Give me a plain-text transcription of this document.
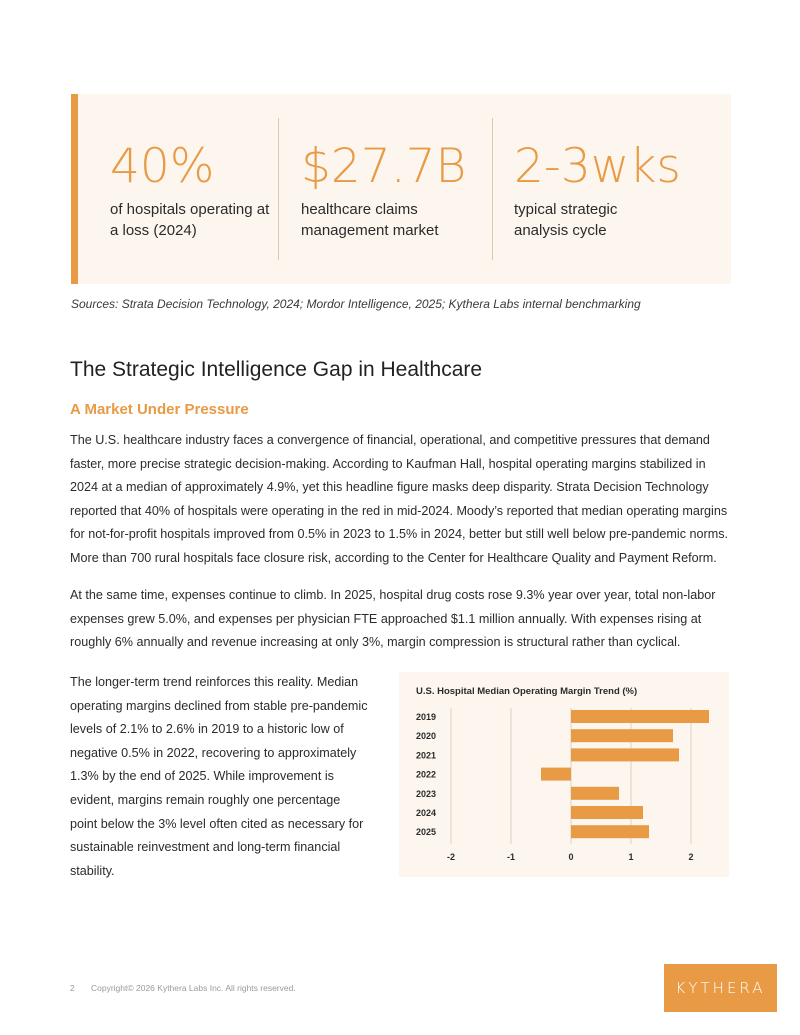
40%
of hospitals operating at a loss (2024)
$27.7B
healthcare claims management market
2-3wks
typical strategic analysis cycle
Sources: Strata Decision Technology, 2024; Mordor Intelligence, 2025; Kythera Labs internal benchmarking
The Strategic Intelligence Gap in Healthcare
A Market Under Pressure

The U.S. healthcare industry faces a convergence of financial, operational, and competitive pressures that demand faster, more precise strategic decision-making. According to Kaufman Hall, hospital operating margins stabilized in 2024 at a median of approximately 4.9%, yet this headline figure masks deep disparity. Strata Decision Technology reported that 40% of hospitals were operating in the red in mid-2024. Moody’s reported that median operating margins for not-for-profit hospitals improved from 0.5% in 2023 to 1.5% in 2024, better but still well below pre-pandemic norms. More than 700 rural hospitals face closure risk, according to the Center for Healthcare Quality and Payment Reform.

At the same time, expenses continue to climb. In 2025, hospital drug costs rose 9.3% year over year, total non-labor expenses grew 5.0%, and expenses per physician FTE approached $1.1 million annually. With expenses rising at roughly 6% annually and revenue increasing at only 3%, margin compression is structural rather than cyclical.

The longer-term trend reinforces this reality. Median operating margins declined from stable pre-pandemic levels of 2.1% to 2.6% in 2019 to a historic low of negative 0.5% in 2022, recovering to approximately 1.3% by the end of 2025. While improvement is evident, margins remain roughly one percentage point below the 3% level often cited as necessary for sustainable reinvestment and long-term financial stability.

U.S. Hospital Median Operating Margin Trend (%)
-2	-1	0	1	2
2019
2020
2021
2022
2023
2024
2025
2 Copyright© 2026 Kythera Labs Inc. All rights reserved.	KYTHERA
